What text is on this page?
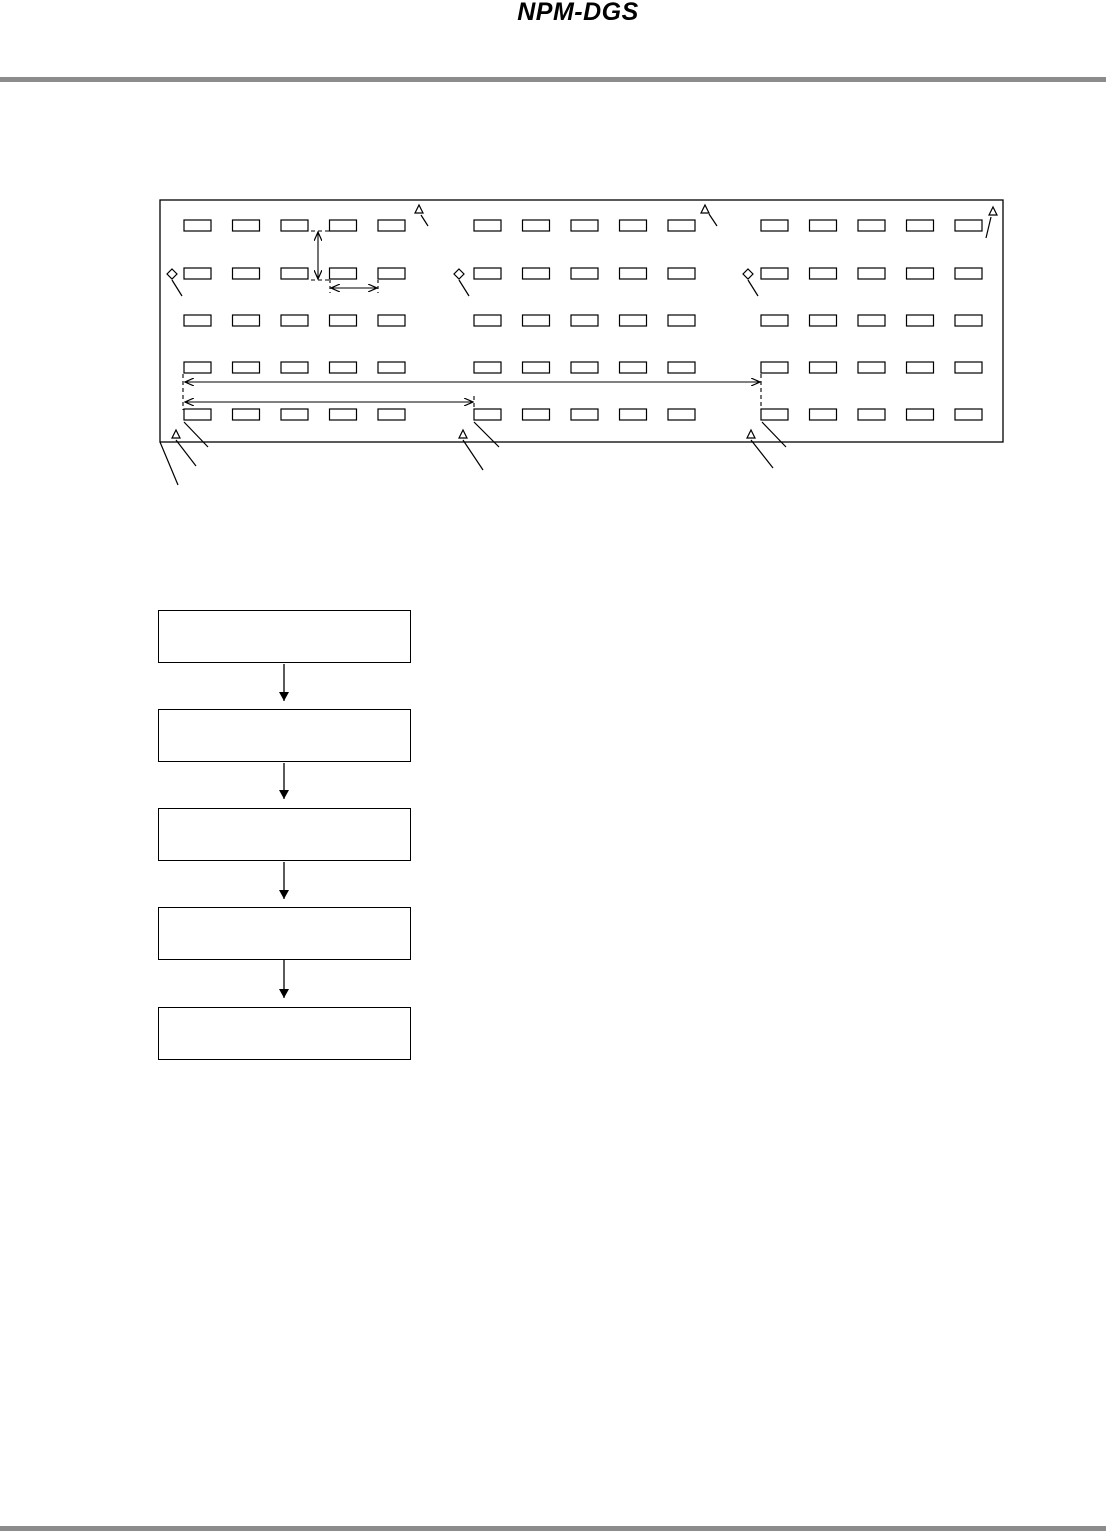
NPM-DGS
